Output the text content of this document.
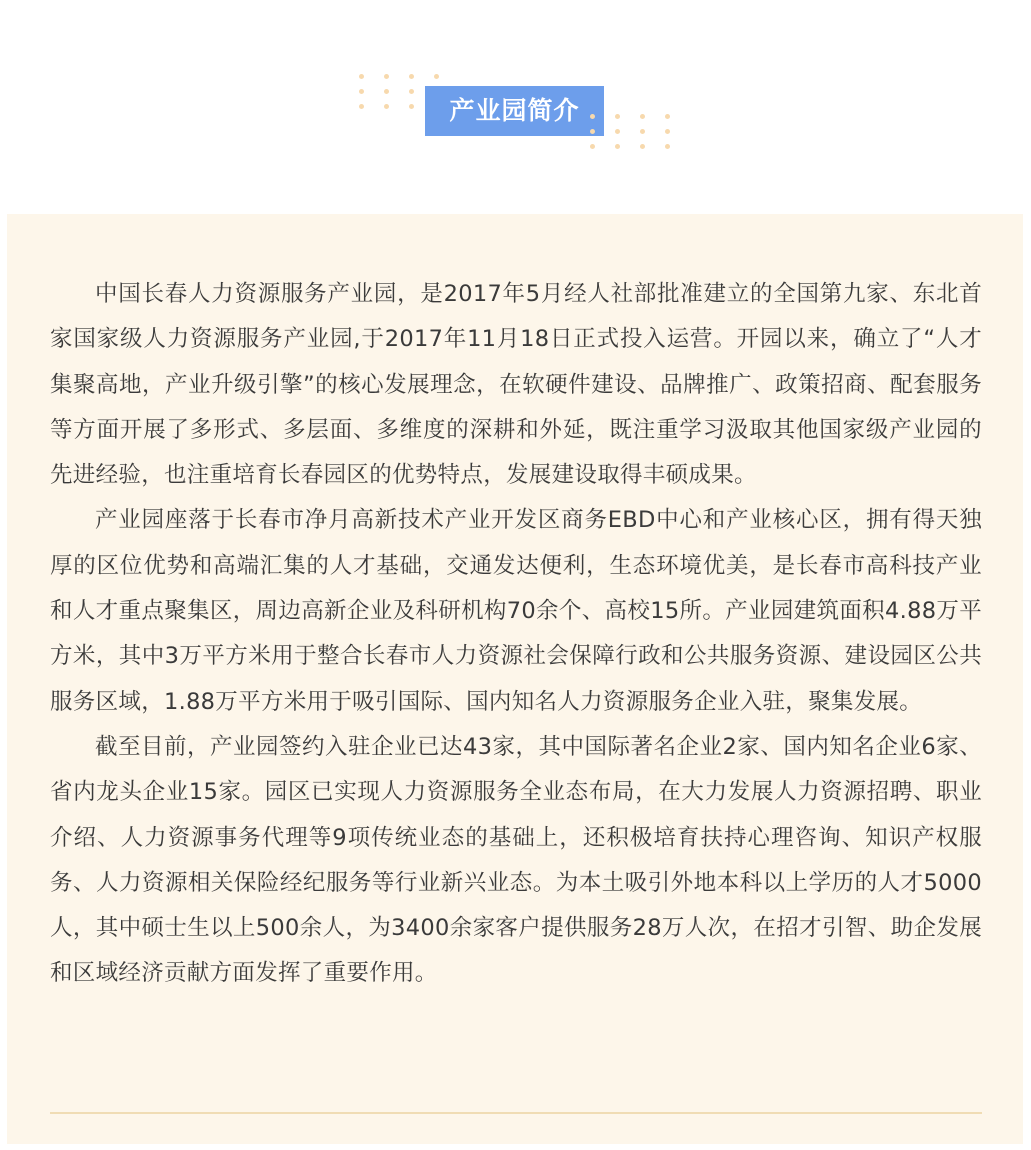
产业园简介

中国长春人力资源服务产业园，是2017年5月经人社部批准建立的全国第九家、东北首家国家级人力资源服务产业园,于2017年11月18日正式投入运营。开园以来，确立了“人才集聚高地，产业升级引擎”的核心发展理念，在软硬件建设、品牌推广、政策招商、配套服务等方面开展了多形式、多层面、多维度的深耕和外延，既注重学习汲取其他国家级产业园的先进经验，也注重培育长春园区的优势特点，发展建设取得丰硕成果。

产业园座落于长春市净月高新技术产业开发区商务EBD中心和产业核心区，拥有得天独厚的区位优势和高端汇集的人才基础，交通发达便利，生态环境优美，是长春市高科技产业和人才重点聚集区，周边高新企业及科研机构70余个、高校15所。产业园建筑面积4.88万平方米，其中3万平方米用于整合长春市人力资源社会保障行政和公共服务资源、建设园区公共服务区域，1.88万平方米用于吸引国际、国内知名人力资源服务企业入驻，聚集发展。

截至目前，产业园签约入驻企业已达43家，其中国际著名企业2家、国内知名企业6家、省内龙头企业15家。园区已实现人力资源服务全业态布局，在大力发展人力资源招聘、职业介绍、人力资源事务代理等9项传统业态的基础上，还积极培育扶持心理咨询、知识产权服务、人力资源相关保险经纪服务等行业新兴业态。为本土吸引外地本科以上学历的人才5000人，其中硕士生以上500余人，为3400余家客户提供服务28万人次，在招才引智、助企发展和区域经济贡献方面发挥了重要作用。
